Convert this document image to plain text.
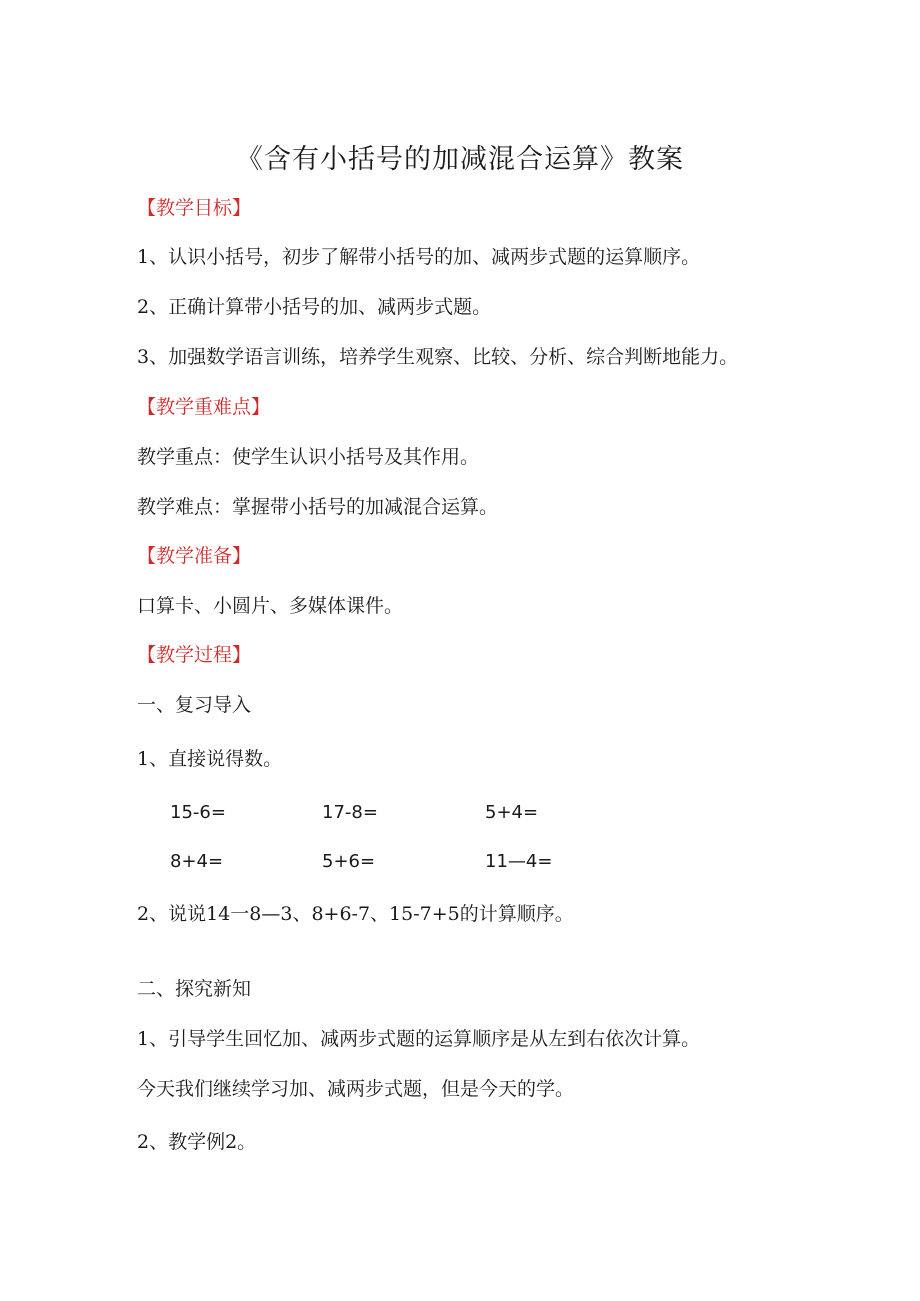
《含有小括号的加减混合运算》教案
【教学目标】
1、认识小括号，初步了解带小括号的加、减两步式题的运算顺序。
2、正确计算带小括号的加、减两步式题。
3、加强数学语言训练，培养学生观察、比较、分析、综合判断地能力。
【教学重难点】
教学重点：使学生认识小括号及其作用。
教学难点：掌握带小括号的加减混合运算。
【教学准备】
口算卡、小圆片、多媒体课件。
【教学过程】
一、复习导入
1、直接说得数。
15-6=	17-8=	5+4=
8+4=	5+6=	11—4=
2、说说14一8—3、8+6-7、15-7+5的计算顺序。
二、探究新知
1、引导学生回忆加、减两步式题的运算顺序是从左到右依次计算。
今天我们继续学习加、减两步式题，但是今天的学。
2、教学例2。
